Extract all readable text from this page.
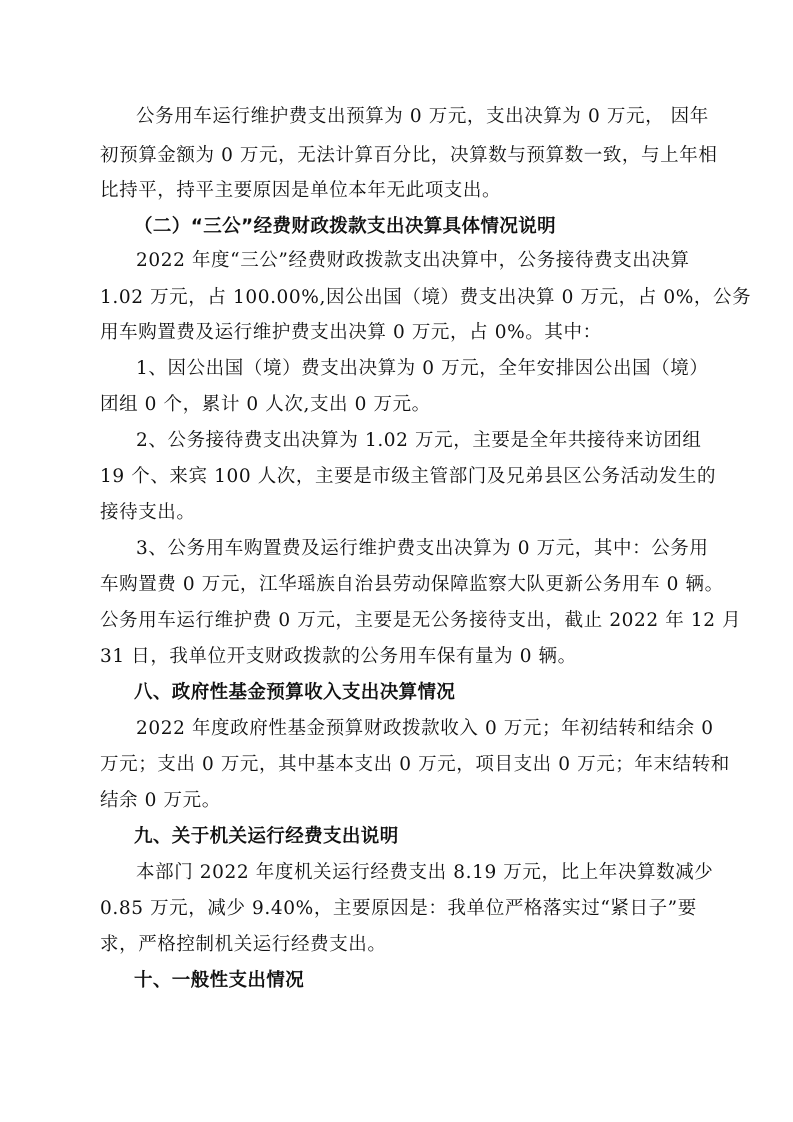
公务用车运行维护费支出预算为 0 万元，支出决算为 0 万元， 因年
初预算金额为 0 万元，无法计算百分比，决算数与预算数一致，与上年相
比持平，持平主要原因是单位本年无此项支出。
（二）“三公”经费财政拨款支出决算具体情况说明
2022 年度“三公”经费财政拨款支出决算中，公务接待费支出决算
1.02 万元，占 100.00%,因公出国（境）费支出决算 0 万元，占 0%，公务
用车购置费及运行维护费支出决算 0 万元，占 0%。其中：
1、因公出国（境）费支出决算为 0 万元，全年安排因公出国（境）
团组 0 个，累计 0 人次,支出 0 万元。
2、公务接待费支出决算为 1.02 万元，主要是全年共接待来访团组
19 个、来宾 100 人次，主要是市级主管部门及兄弟县区公务活动发生的
接待支出。
3、公务用车购置费及运行维护费支出决算为 0 万元，其中：公务用
车购置费 0 万元，江华瑶族自治县劳动保障监察大队更新公务用车 0 辆。
公务用车运行维护费 0 万元，主要是无公务接待支出，截止 2022 年 12 月
31 日，我单位开支财政拨款的公务用车保有量为 0 辆。
八、政府性基金预算收入支出决算情况
2022 年度政府性基金预算财政拨款收入 0 万元；年初结转和结余 0
万元；支出 0 万元，其中基本支出 0 万元，项目支出 0 万元；年末结转和
结余 0 万元。
九、关于机关运行经费支出说明
本部门 2022 年度机关运行经费支出 8.19 万元，比上年决算数减少
0.85 万元，减少 9.40%，主要原因是：我单位严格落实过“紧日子”要
求，严格控制机关运行经费支出。
十、一般性支出情况
